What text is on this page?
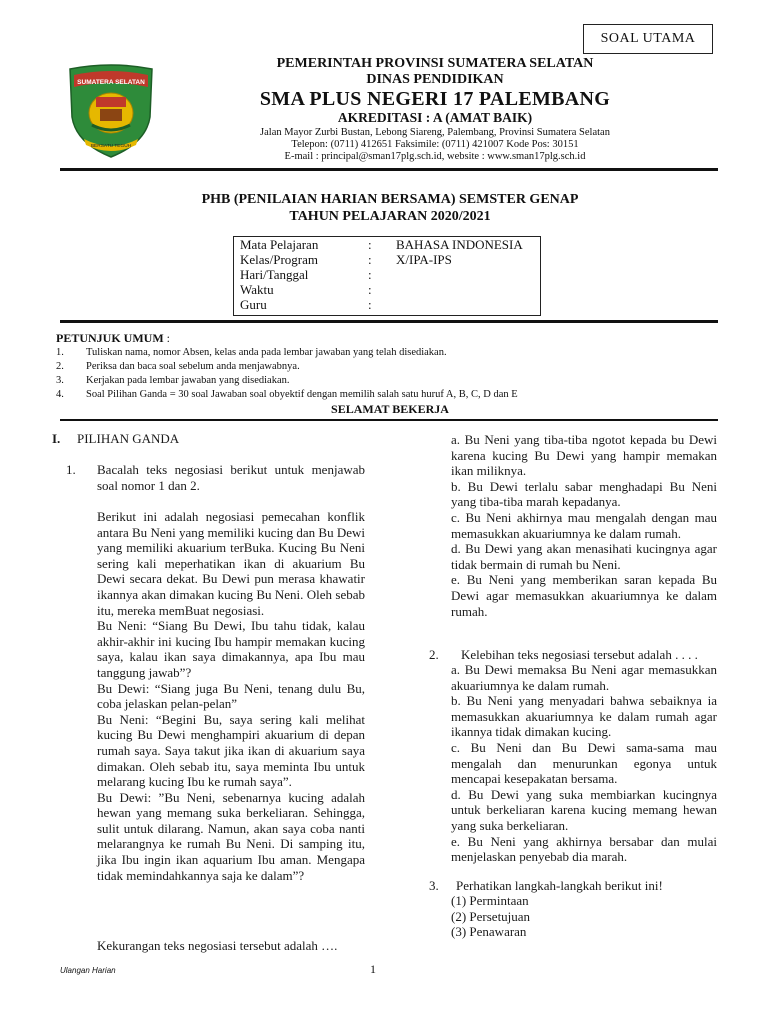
SOAL UTAMA
SUMATERA SELATAN
BERSATU TEGUH
PEMERINTAH PROVINSI SUMATERA SELATAN
DINAS PENDIDIKAN
SMA PLUS NEGERI 17 PALEMBANG
AKREDITASI : A (AMAT BAIK)
Jalan Mayor Zurbi Bustan, Lebong Siareng, Palembang, Provinsi Sumatera Selatan
Telepon: (0711) 412651 Faksimile: (0711) 421007 Kode Pos: 30151
E-mail : principal@sman17plg.sch.id, website : www.sman17plg.sch.id
PHB (PENILAIAN HARIAN BERSAMA) SEMSTER GENAP
TAHUN PELAJARAN 2020/2021
Mata Pelajaran	: BAHASA INDONESIA
Kelas/Program	: X/IPA-IPS
Hari/Tanggal	:
Waktu	:
Guru	:
PETUNJUK UMUM :
1. Tuliskan nama, nomor Absen, kelas anda pada lembar jawaban yang telah disediakan.
2. Periksa dan baca soal sebelum anda menjawabnya.
3. Kerjakan pada lembar jawaban yang disediakan.
4. Soal Pilihan Ganda = 30 soal Jawaban soal obyektif dengan memilih salah satu huruf A, B, C, D dan E
SELAMAT BEKERJA
I. PILIHAN GANDA
1. Bacalah teks negosiasi berikut untuk menjawab soal nomor 1 dan 2.
Berikut ini adalah negosiasi pemecahan konflik antara Bu Neni yang memiliki kucing dan Bu Dewi yang memiliki akuarium terBuka. Kucing Bu Neni sering kali meperhatikan ikan di akuarium Bu Dewi secara dekat. Bu Dewi pun merasa khawatir ikannya akan dimakan kucing Bu Neni. Oleh sebab itu, mereka memBuat negosiasi.
Bu Neni: “Siang Bu Dewi, Ibu tahu tidak, kalau akhir-akhir ini kucing Ibu hampir memakan kucing saya, kalau ikan saya dimakannya, apa Ibu mau tanggung jawab”?
Bu Dewi: “Siang juga Bu Neni, tenang dulu Bu, coba jelaskan pelan-pelan”
Bu Neni: “Begini Bu, saya sering kali melihat kucing Bu Dewi menghampiri akuarium di depan rumah saya. Saya takut jika ikan di akuarium saya dimakan. Oleh sebab itu, saya meminta Ibu untuk melarang kucing Ibu ke rumah saya”.
Bu Dewi: ”Bu Neni, sebenarnya kucing adalah hewan yang memang suka berkeliaran. Sehingga, sulit untuk dilarang. Namun, akan saya coba nanti melarangnya ke rumah Bu Neni. Di samping itu, jika Ibu ingin ikan aquarium Ibu aman. Mengapa tidak memindahkannya saja ke dalam”?
Kekurangan teks negosiasi tersebut adalah ….
a. Bu Neni yang tiba-tiba ngotot kepada bu Dewi karena kucing Bu Dewi yang hampir memakan ikan miliknya.
b. Bu Dewi terlalu sabar menghadapi Bu Neni yang tiba-tiba marah kepadanya.
c. Bu Neni akhirnya mau mengalah dengan mau memasukkan akuariumnya ke dalam rumah.
d. Bu Dewi yang akan menasihati kucingnya agar tidak bermain di rumah bu Neni.
e. Bu Neni yang memberikan saran kepada Bu Dewi agar memasukkan akuariumnya ke dalam rumah.
2. Kelebihan teks negosiasi tersebut adalah . . . .
a. Bu Dewi memaksa Bu Neni agar memasukkan akuariumnya ke dalam rumah.
b. Bu Neni yang menyadari bahwa sebaiknya ia memasukkan akuariumnya ke dalam rumah agar ikannya tidak dimakan kucing.
c. Bu Neni dan Bu Dewi sama-sama mau mengalah dan menurunkan egonya untuk mencapai kesepakatan bersama.
d. Bu Dewi yang suka membiarkan kucingnya untuk berkeliaran karena kucing memang hewan yang suka berkeliaran.
e. Bu Neni yang akhirnya bersabar dan mulai menjelaskan penyebab dia marah.
3. Perhatikan langkah-langkah berikut ini!
(1) Permintaan
(2) Persetujuan
(3) Penawaran
Ulangan Harian	1
